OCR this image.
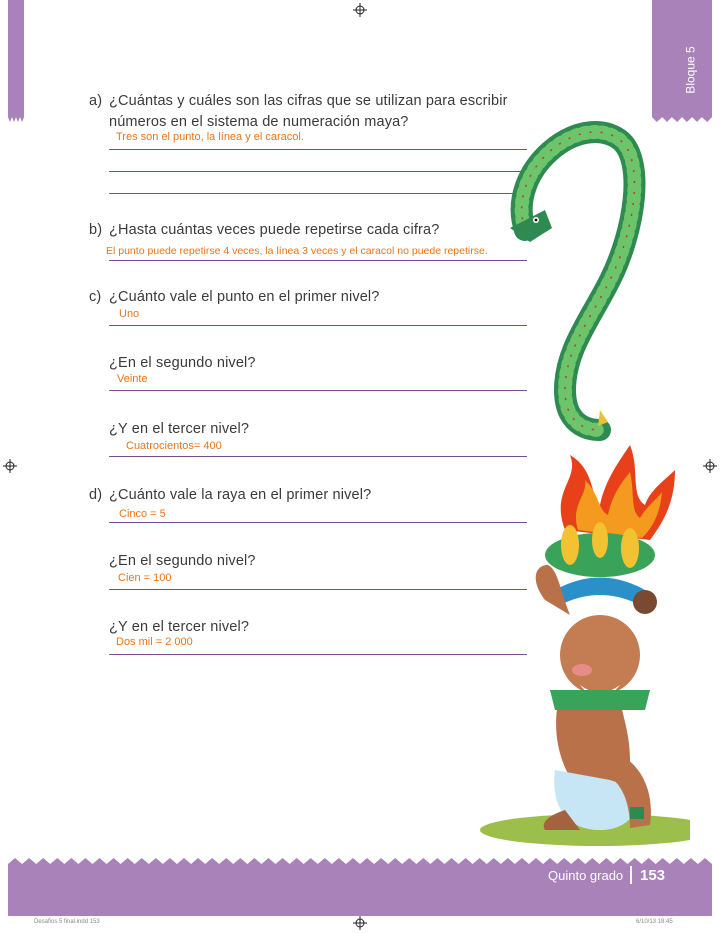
Bloque 5
a) ¿Cuántas y cuáles son las cifras que se utilizan para escribir
números en el sistema de numeración maya?
Tres son el punto, la línea y el caracol.
b) ¿Hasta cuántas veces puede repetirse cada cifra?
El punto puede repetirse 4 veces, la línea 3 veces y el caracol no puede repetirse.
c) ¿Cuánto vale el punto en el primer nivel?
Uno
¿En el segundo nivel?
Veinte
¿Y en el tercer nivel?
Cuatrocientos= 400
d) ¿Cuánto vale la raya en el primer nivel?
Cinco = 5
¿En el segundo nivel?
Cien = 100
¿Y en el tercer nivel?
Dos mil = 2 000
Quinto grado 153
Desafios 5 final.indd 153	6/10/13 18:45
